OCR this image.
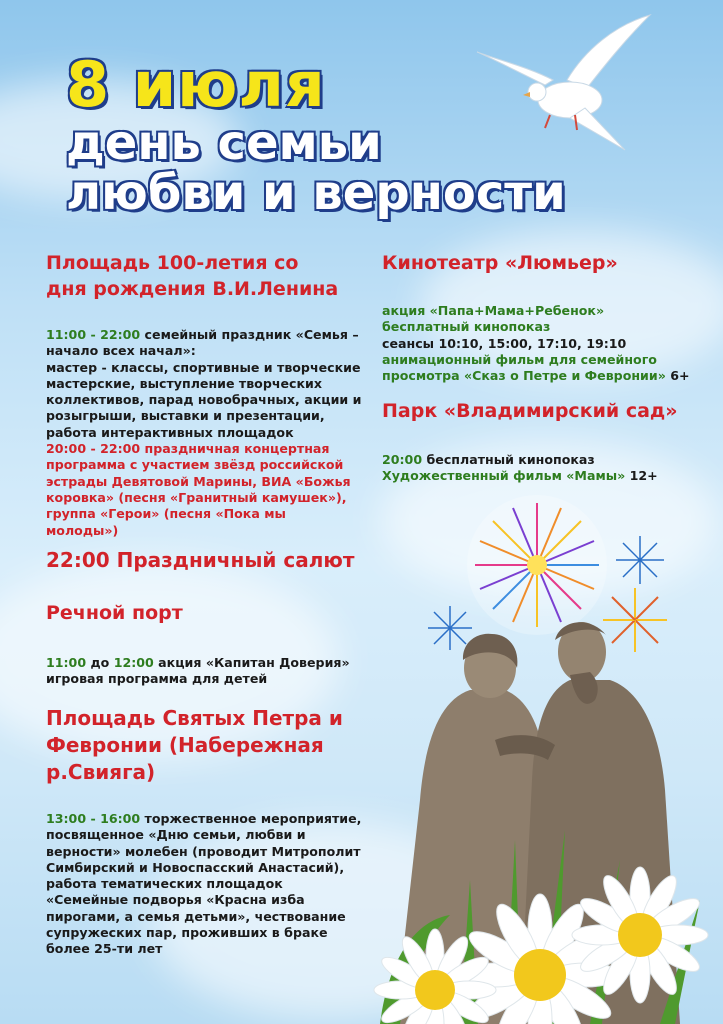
8 июля
день семьи
любви и верности
Площадь 100-летия со
дня рождения В.И.Ленина
11:00 - 22:00 семейный праздник «Семья –
начало всех начал»:
мастер - классы, спортивные и творческие
мастерские, выступление творческих
коллективов, парад новобрачных, акции и
розыгрыши, выставки и презентации,
работа интерактивных площадок
20:00 - 22:00 праздничная концертная
программа с участием звёзд российской
эстрады Девятовой Марины, ВИА «Божья
коровка» (песня «Гранитный камушек»),
группа «Герои» (песня «Пока мы
молоды»)
22:00 Праздничный салют
Речной порт
11:00 до 12:00 акция «Капитан Доверия»
игровая программа для детей
Площадь Святых Петра и
Февронии (Набережная
р.Свияга)
13:00 - 16:00 торжественное мероприятие,
посвященное «Дню семьи, любви и
верности» молебен (проводит Митрополит
Симбирский и Новоспасский Анастасий),
работа тематических площадок
«Семейные подворья «Красна изба
пирогами, а семья детьми», чествование
супружеских пар, проживших в браке
более 25-ти лет
Кинотеатр «Люмьер»
акция «Папа+Мама+Ребенок»
бесплатный кинопоказ
сеансы 10:10, 15:00, 17:10, 19:10
анимационный фильм для семейного
просмотра «Сказ о Петре и Февронии» 6+
Парк «Владимирский сад»
20:00 бесплатный кинопоказ
Художественный фильм «Мамы» 12+
